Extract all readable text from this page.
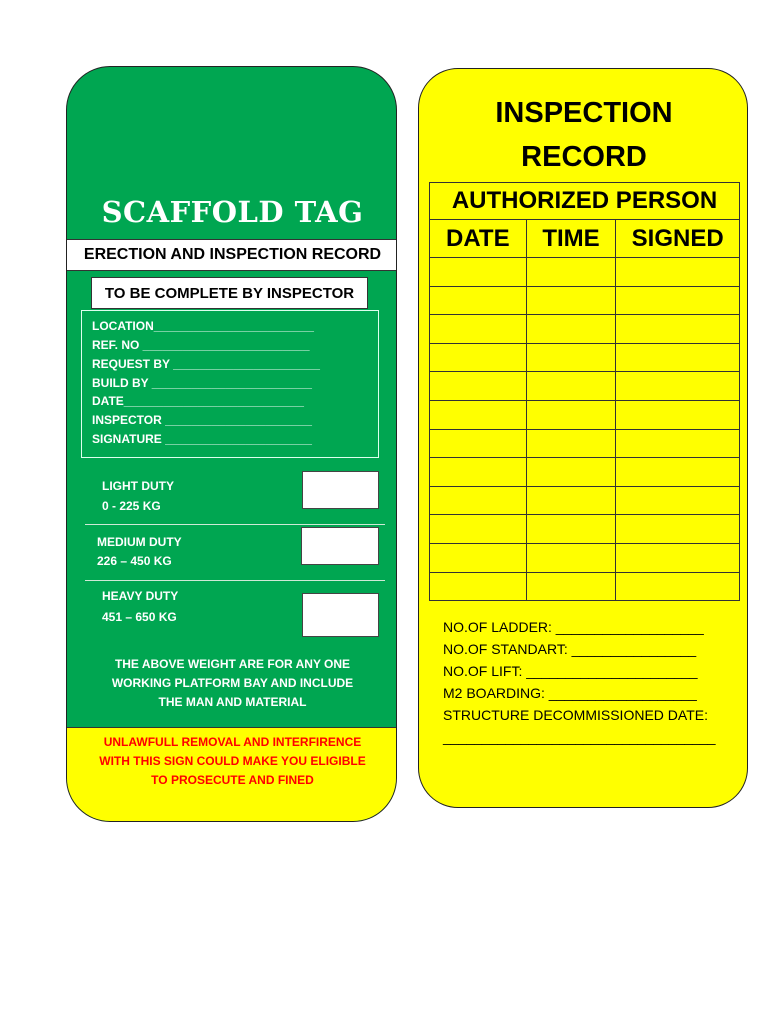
SCAFFOLD TAG
ERECTION AND INSPECTION RECORD
TO BE COMPLETE BY INSPECTOR
LOCATION________________________
REF. NO _________________________
REQUEST BY ______________________
BUILD BY ________________________
DATE___________________________
INSPECTOR ______________________
SIGNATURE ______________________
LIGHT DUTY
0 - 225 KG
MEDIUM DUTY
226 – 450 KG
HEAVY DUTY
451 – 650 KG
THE ABOVE WEIGHT ARE FOR ANY ONE
WORKING PLATFORM BAY AND INCLUDE
THE MAN AND MATERIAL
UNLAWFULL REMOVAL AND INTERFIRENCE
WITH THIS SIGN COULD MAKE YOU ELIGIBLE
TO PROSECUTE AND FINED
INSPECTION
RECORD
AUTHORIZED PERSON		
DATE	TIME	SIGNED

NO.OF LADDER: ___________________
NO.OF STANDART: ________________
NO.OF LIFT: ______________________
M2 BOARDING: ___________________
STRUCTURE DECOMMISSIONED DATE:
___________________________________
